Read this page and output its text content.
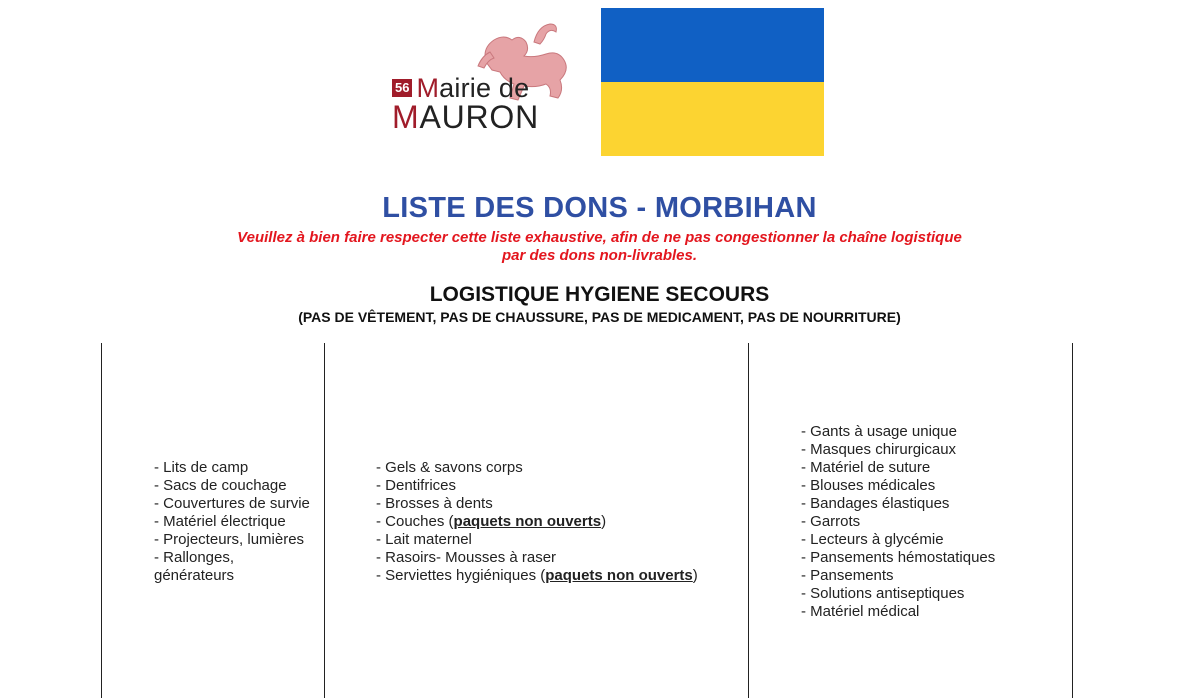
56 Mairie de
MAURON
LISTE DES DONS - MORBIHAN
Veuillez à bien faire respecter cette liste exhaustive, afin de ne pas congestionner la chaîne logistique
par des dons non-livrables.
LOGISTIQUE HYGIENE SECOURS
(PAS DE VÊTEMENT, PAS DE CHAUSSURE, PAS DE MEDICAMENT, PAS DE NOURRITURE)
- Lits de camp
- Sacs de couchage
- Couvertures de survie
- Matériel électrique
- Projecteurs, lumières
- Rallonges,
générateurs
- Gels & savons corps
- Dentifrices
- Brosses à dents
- Couches (paquets non ouverts)
- Lait maternel
- Rasoirs- Mousses à raser
- Serviettes hygiéniques (paquets non ouverts)
- Gants à usage unique
- Masques chirurgicaux
- Matériel de suture
- Blouses médicales
- Bandages élastiques
- Garrots
- Lecteurs à glycémie
- Pansements hémostatiques
- Pansements
- Solutions antiseptiques
- Matériel médical
